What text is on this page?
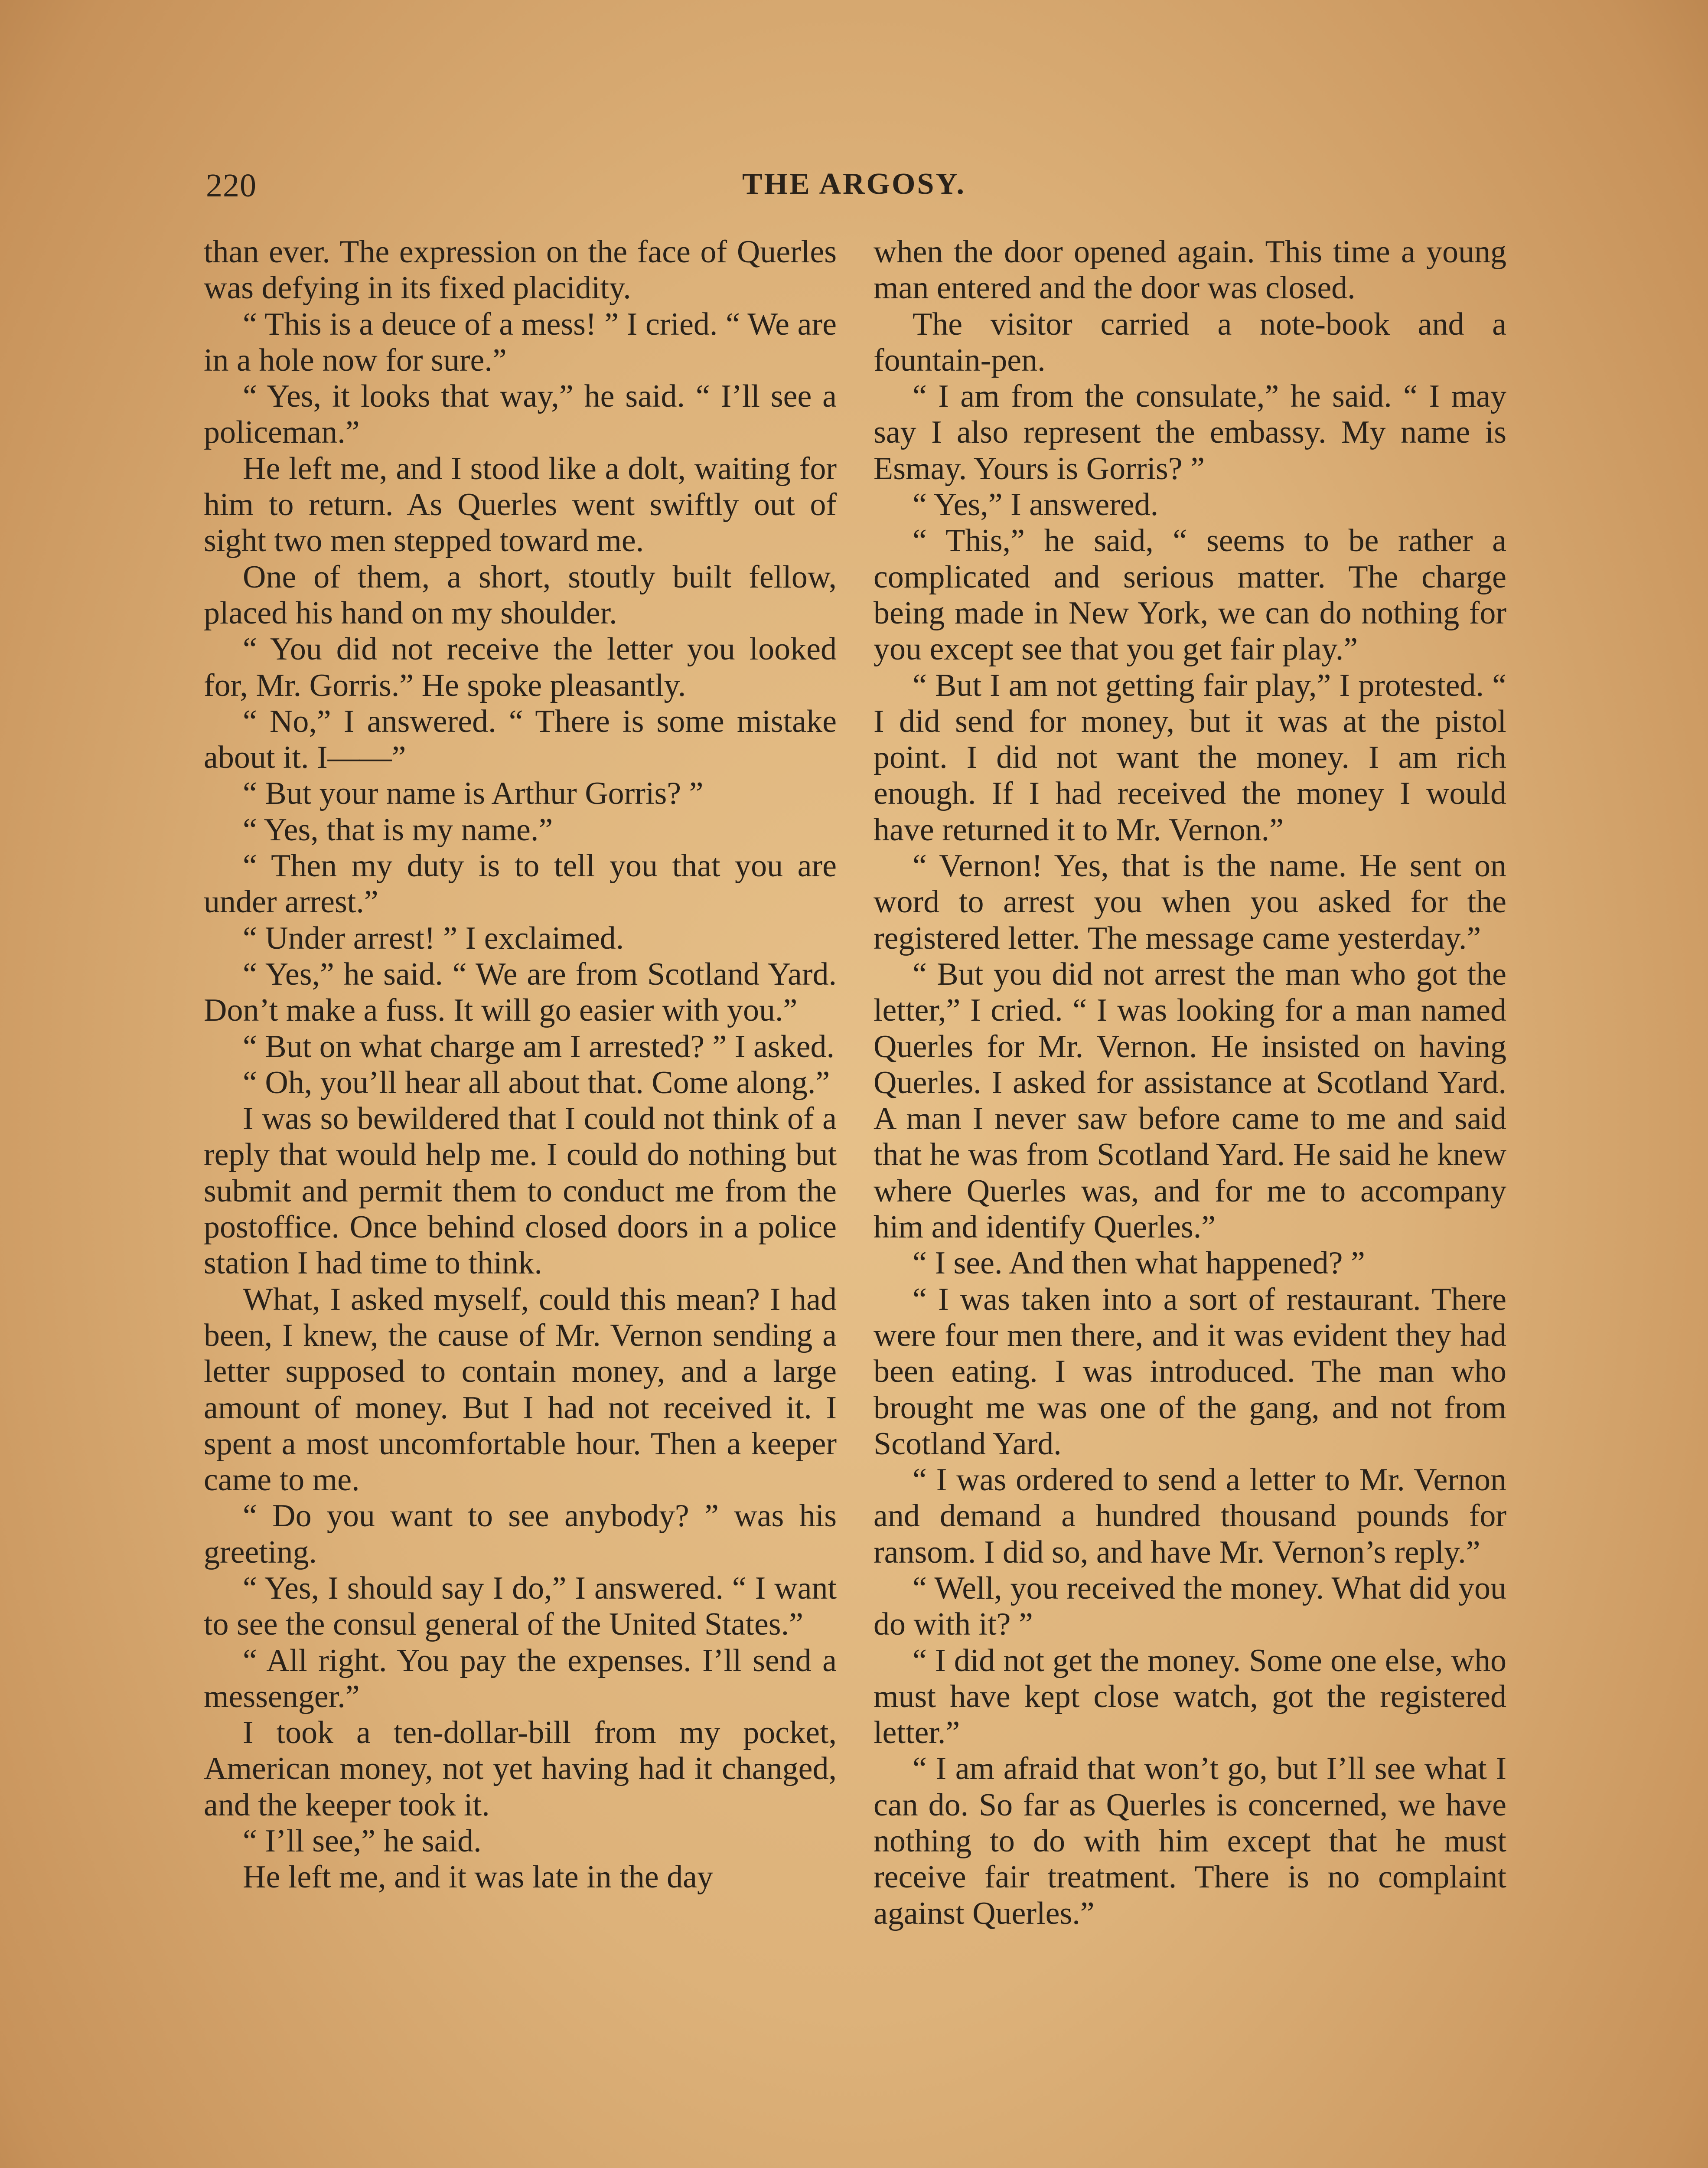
220	THE ARGOSY.

than ever. The expression on the face of Querles was defying in its fixed placidity.

“ This is a deuce of a mess! ” I cried. “ We are in a hole now for sure.”

“ Yes, it looks that way,” he said. “ I’ll see a policeman.”

He left me, and I stood like a dolt, waiting for him to return. As Querles went swiftly out of sight two men stepped toward me.

One of them, a short, stoutly built fellow, placed his hand on my shoulder.

“ You did not receive the letter you looked for, Mr. Gorris.” He spoke pleasantly.

“ No,” I answered. “ There is some mistake about it. I——”

“ But your name is Arthur Gorris? ”

“ Yes, that is my name.”

“ Then my duty is to tell you that you are under arrest.”

“ Under arrest! ” I exclaimed.

“ Yes,” he said. “ We are from Scotland Yard. Don’t make a fuss. It will go easier with you.”

“ But on what charge am I arrested? ” I asked.

“ Oh, you’ll hear all about that. Come along.”

I was so bewildered that I could not think of a reply that would help me. I could do nothing but submit and permit them to conduct me from the postoffice. Once behind closed doors in a police station I had time to think.

What, I asked myself, could this mean? I had been, I knew, the cause of Mr. Vernon sending a letter supposed to contain money, and a large amount of money. But I had not received it. I spent a most uncomfortable hour. Then a keeper came to me.

“ Do you want to see anybody? ” was his greeting.

“ Yes, I should say I do,” I answered. “ I want to see the consul general of the United States.”

“ All right. You pay the expenses. I’ll send a messenger.”

I took a ten-dollar-bill from my pocket, American money, not yet having had it changed, and the keeper took it.

“ I’ll see,” he said.

He left me, and it was late in the day

when the door opened again. This time a young man entered and the door was closed.

The visitor carried a note-book and a fountain-pen.

“ I am from the consulate,” he said. “ I may say I also represent the embassy. My name is Esmay. Yours is Gorris? ”

“ Yes,” I answered.

“ This,” he said, “ seems to be rather a complicated and serious matter. The charge being made in New York, we can do nothing for you except see that you get fair play.”

“ But I am not getting fair play,” I protested. “ I did send for money, but it was at the pistol point. I did not want the money. I am rich enough. If I had received the money I would have returned it to Mr. Vernon.”

“ Vernon! Yes, that is the name. He sent on word to arrest you when you asked for the registered letter. The message came yesterday.”

“ But you did not arrest the man who got the letter,” I cried. “ I was looking for a man named Querles for Mr. Vernon. He insisted on having Querles. I asked for assistance at Scotland Yard. A man I never saw before came to me and said that he was from Scotland Yard. He said he knew where Querles was, and for me to accompany him and identify Querles.”

“ I see. And then what happened? ”

“ I was taken into a sort of restaurant. There were four men there, and it was evident they had been eating. I was introduced. The man who brought me was one of the gang, and not from Scotland Yard.

“ I was ordered to send a letter to Mr. Vernon and demand a hundred thousand pounds for ransom. I did so, and have Mr. Vernon’s reply.”

“ Well, you received the money. What did you do with it? ”

“ I did not get the money. Some one else, who must have kept close watch, got the registered letter.”

“ I am afraid that won’t go, but I’ll see what I can do. So far as Querles is concerned, we have nothing to do with him except that he must receive fair treatment. There is no complaint against Querles.”
